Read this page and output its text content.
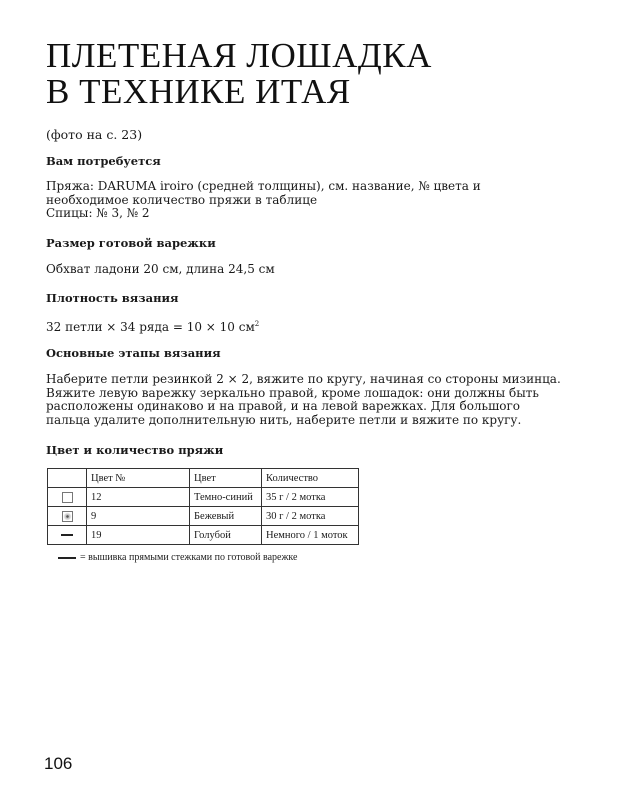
ПЛЕТЕНАЯ ЛОШАДКА
В ТЕХНИКЕ ИТАЯ
(фото на с. 23)
Вам потребуется
Пряжа: DARUMA iroiro (средней толщины), см. название, № цвета и необходимое количество пряжи в таблице
Спицы: № 3, № 2
Размер готовой варежки
Обхват ладони 20 см, длина 24,5 см
Плотность вязания
32 петли × 34 ряда = 10 × 10 $см^2$
Основные этапы вязания
Наберите петли резинкой 2 × 2, вяжите по кругу, начиная со стороны мизинца. Вяжите левую варежку зеркально правой, кроме лошадок: они должны быть расположены одинаково и на правой, и на левой варежках. Для большого пальца удалите дополнительную нить, наберите петли и вяжите по кругу.
Цвет и количество пряжи
	Цвет №	Цвет	Количество
	12	Темно-синий	35 г / 2 мотка
	9	Бежевый	30 г / 2 мотка
	19	Голубой	Немного / 1 моток
= вышивка прямыми стежками по готовой варежке
106
